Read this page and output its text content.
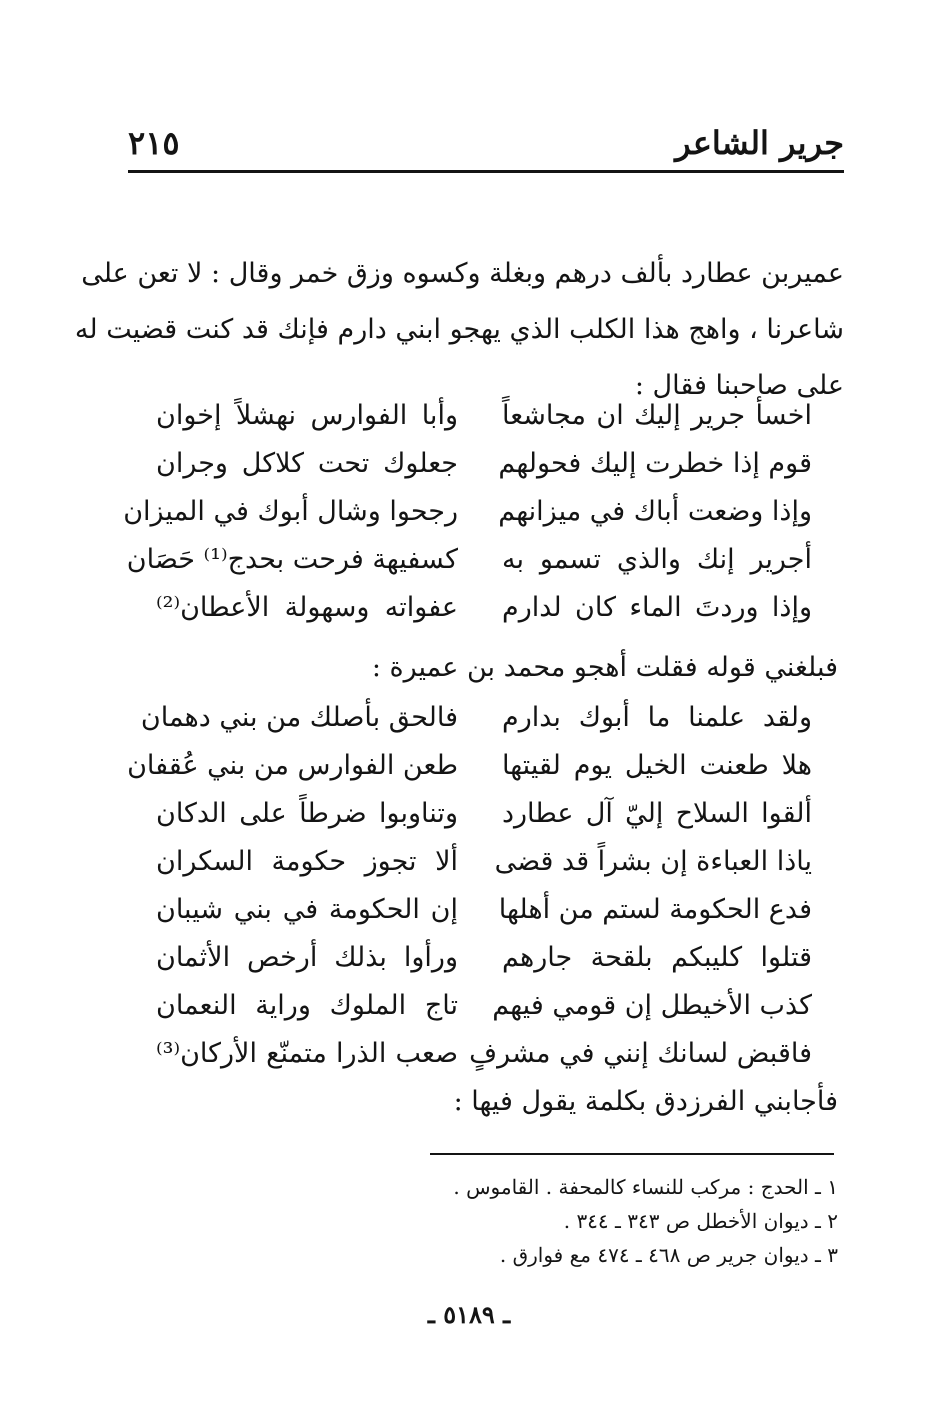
جرير الشاعر
٢١٥
عميربن عطارد بألف درهم وبغلة وكسوه وزق خمر وقال : لا تعن على
شاعرنا ، واهج هذا الكلب الذي يهجو ابني دارم فإنك قد كنت قضيت له
على صاحبنا فقال :
اخسأ جرير إليك ان مجاشعاً
وأبا الفوارس نهشلاً إخوان
قوم إذا خطرت إليك فحولهم
جعلوك تحت كلاكل وجران
وإذا وضعت أباك في ميزانهم
رجحوا وشال أبوك في الميزان
أجرير إنك والذي تسمو به
كسفيهة فرحت بحدج⁽¹⁾ حَصَان
وإذا وردتَ الماء كان لدارم
عفواته وسهولة الأعطان⁽²⁾
فبلغني قوله فقلت أهجو محمد بن عميرة :
ولقد علمنا ما أبوك بدارم
فالحق بأصلك من بني دهمان
هلا طعنت الخيل يوم لقيتها
طعن الفوارس من بني عُقفان
ألقوا السلاح إليّ آل عطارد
وتناوبوا ضرطاً على الدكان
ياذا العباءة إن بشراً قد قضى
ألا تجوز حكومة السكران
فدع الحكومة لستم من أهلها
إن الحكومة في بني شيبان
قتلوا كليبكم بلقحة جارهم
ورأوا بذلك أرخص الأثمان
كذب الأخيطل إن قومي فيهم
تاج الملوك وراية النعمان
فاقبض لسانك إنني في مشرفٍ
صعب الذرا متمنّع الأركان⁽³⁾
فأجابني الفرزدق بكلمة يقول فيها :
١ ـ الحدج : مركب للنساء كالمحفة . القاموس .
٢ ـ ديوان الأخطل ص ٣٤٣ ـ ٣٤٤ .
٣ ـ ديوان جرير ص ٤٦٨ ـ ٤٧٤ مع فوارق .
ـ ٥١٨٩ ـ
